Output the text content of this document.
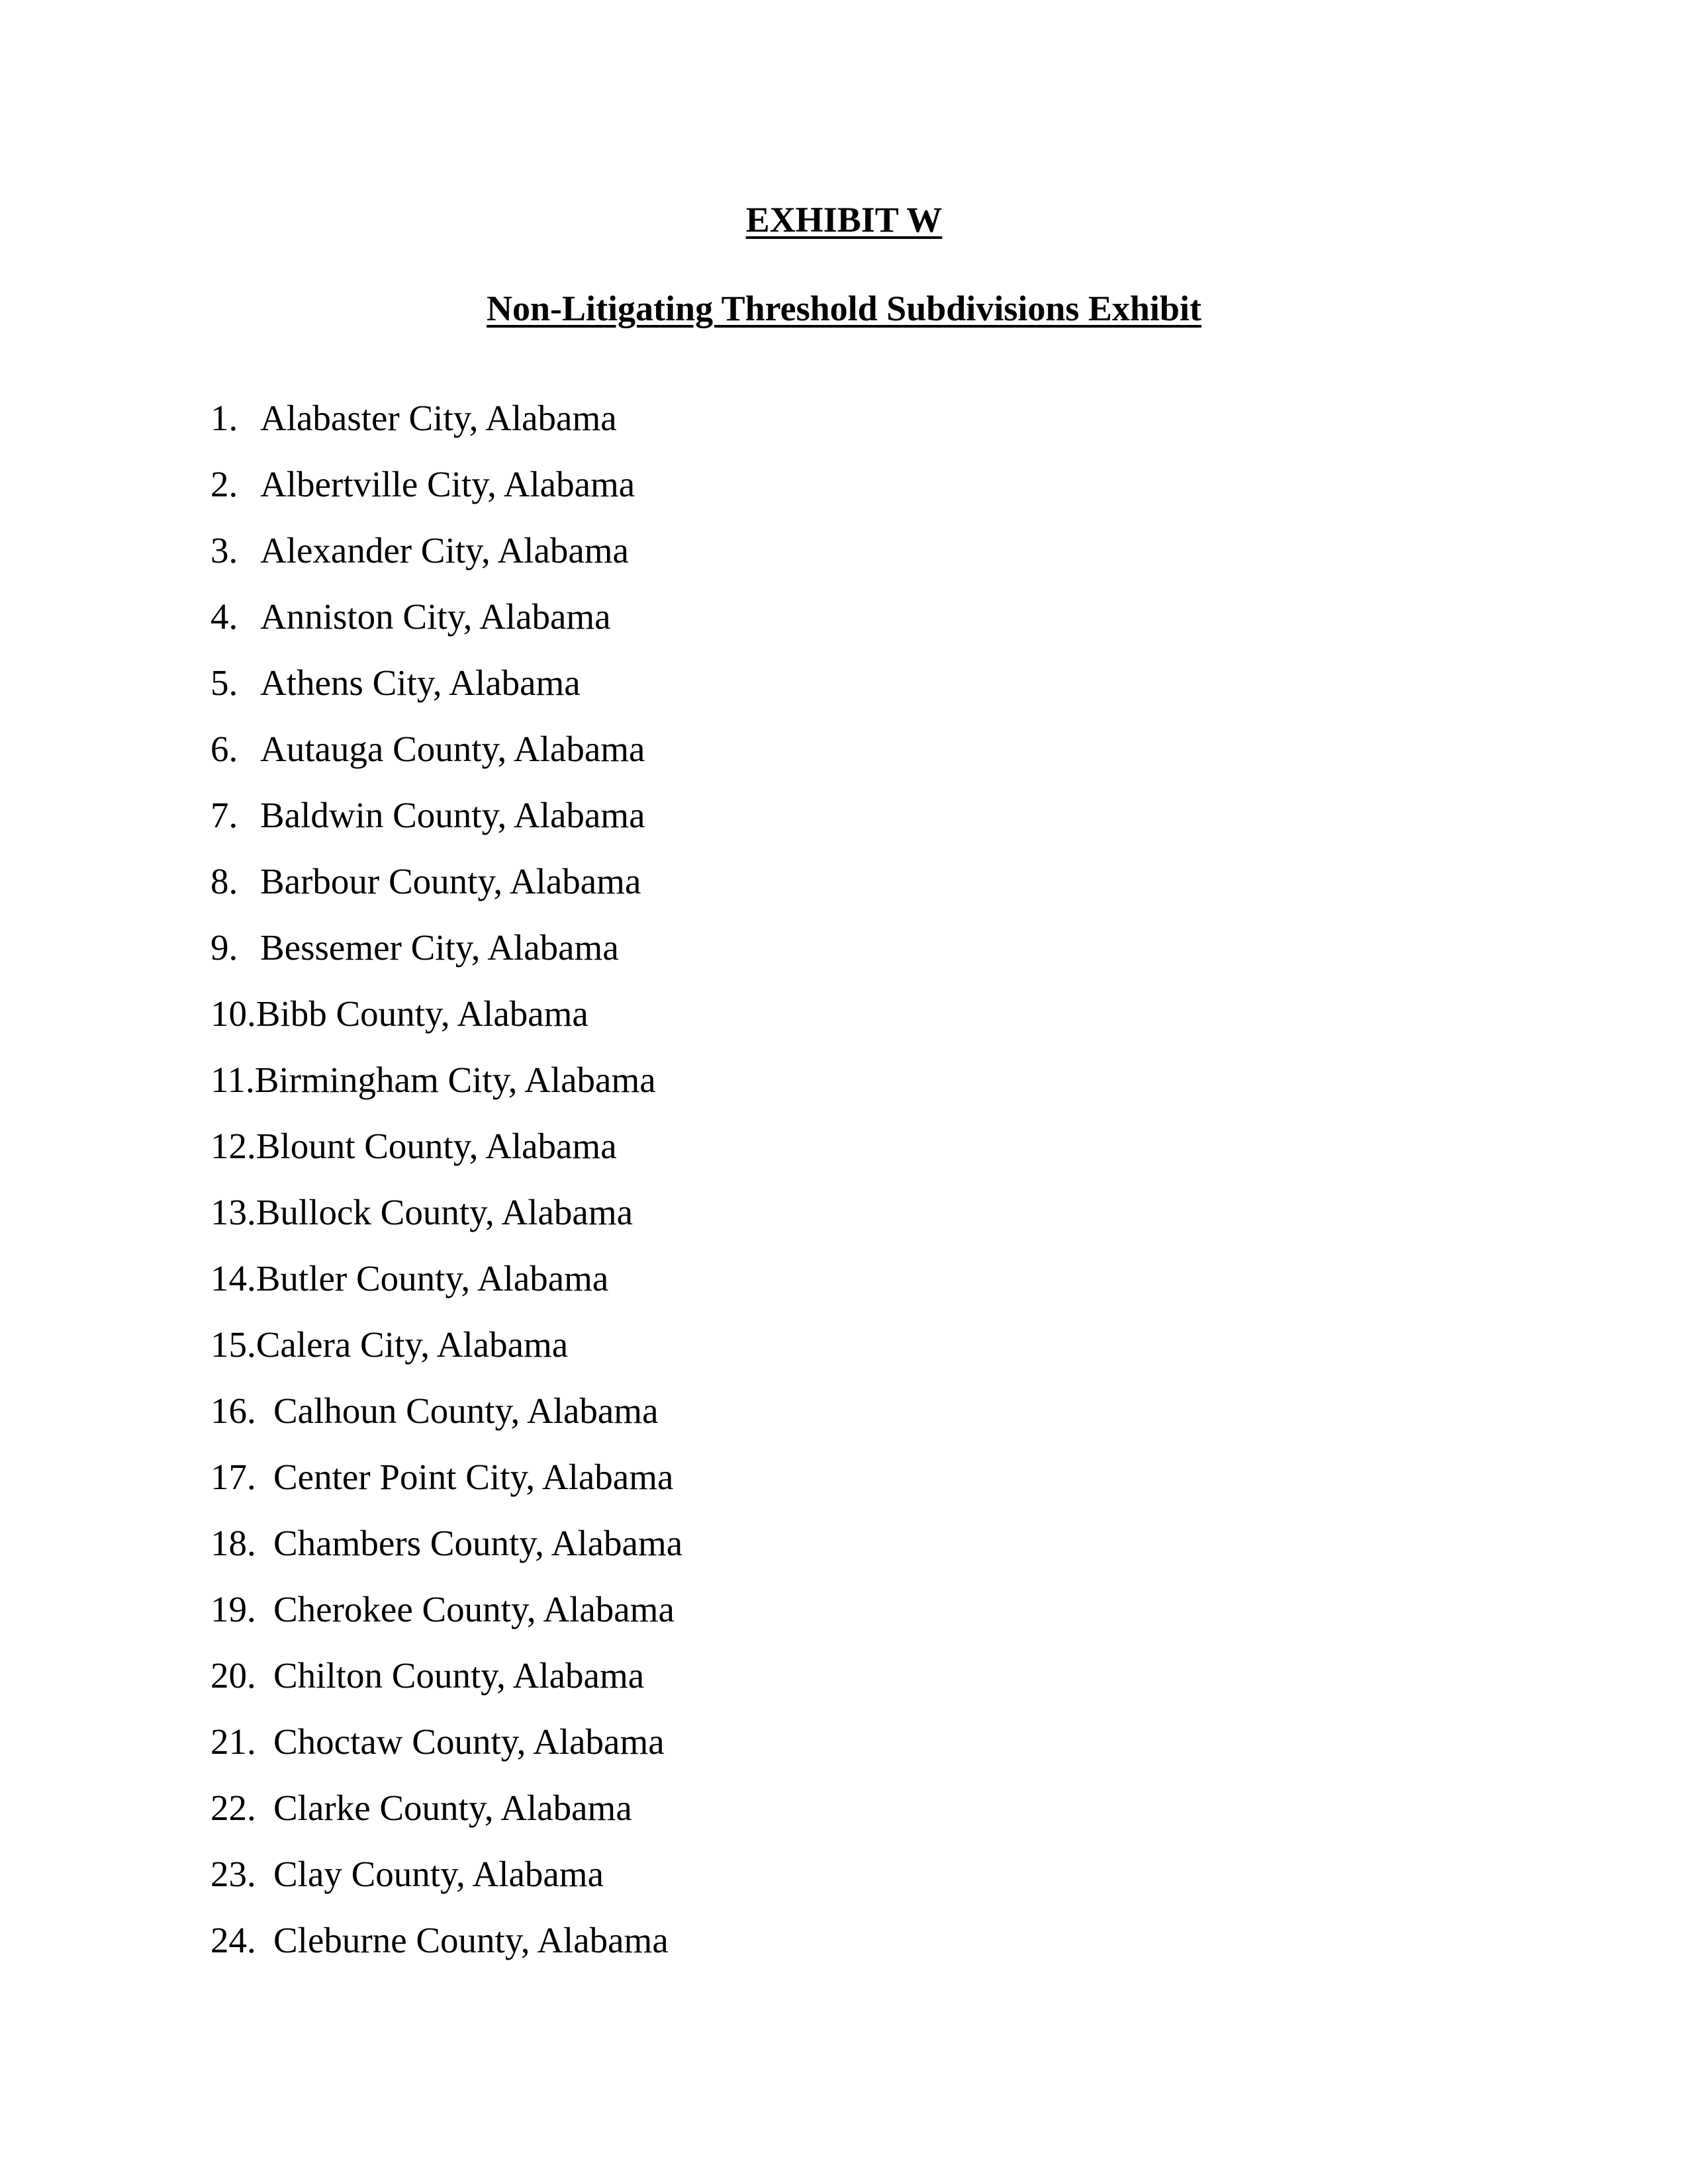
EXHIBIT W
Non-Litigating Threshold Subdivisions Exhibit
1. Alabaster City, Alabama
2. Albertville City, Alabama
3. Alexander City, Alabama
4. Anniston City, Alabama
5. Athens City, Alabama
6. Autauga County, Alabama
7. Baldwin County, Alabama
8. Barbour County, Alabama
9. Bessemer City, Alabama
10. Bibb County, Alabama
11. Birmingham City, Alabama
12. Blount County, Alabama
13. Bullock County, Alabama
14. Butler County, Alabama
15. Calera City, Alabama
16. Calhoun County, Alabama
17. Center Point City, Alabama
18. Chambers County, Alabama
19. Cherokee County, Alabama
20. Chilton County, Alabama
21. Choctaw County, Alabama
22. Clarke County, Alabama
23. Clay County, Alabama
24. Cleburne County, Alabama
